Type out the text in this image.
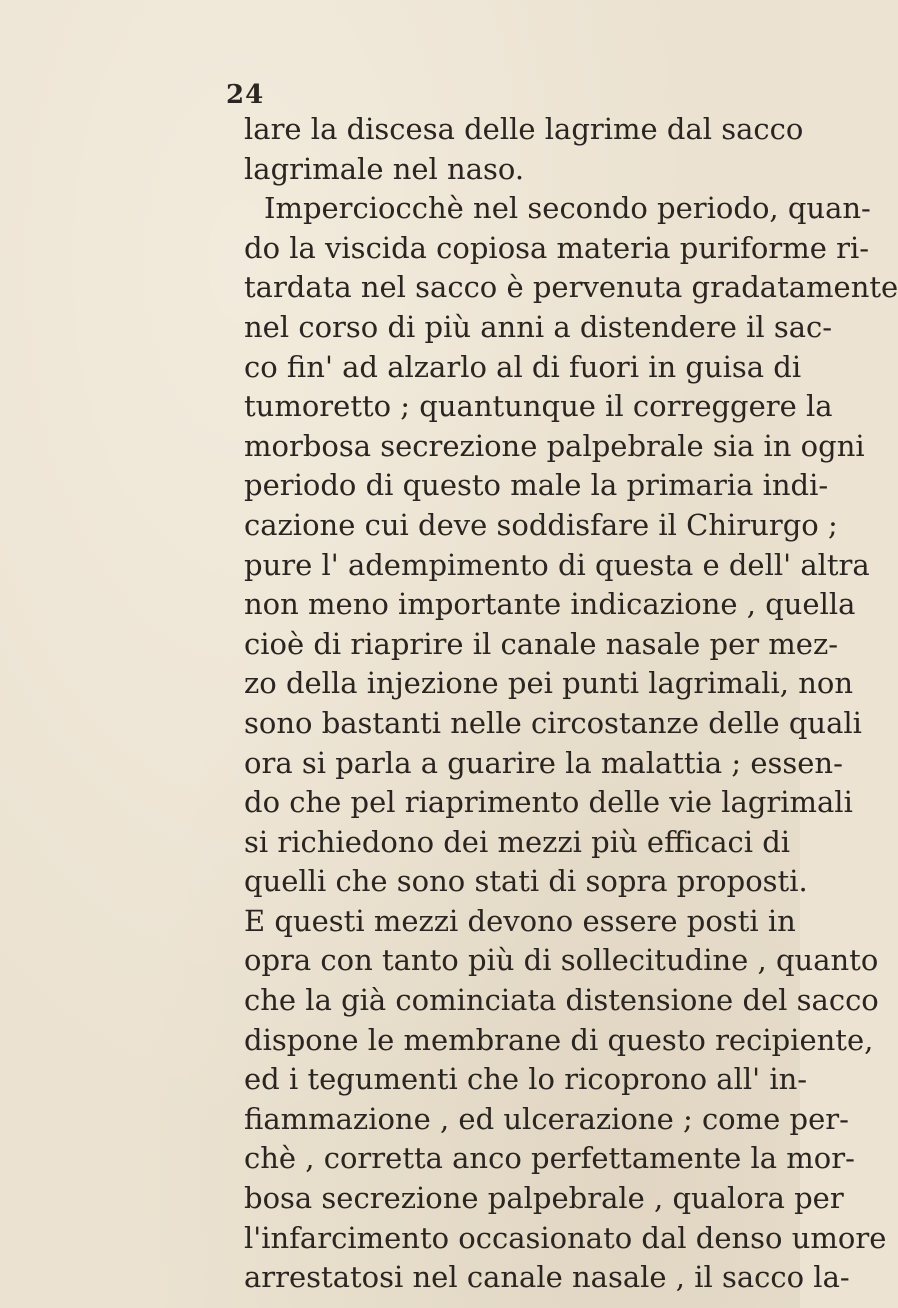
24
lare la discesa delle lagrime dal sacco
lagrimale nel naso.
Imperciocchè nel secondo periodo, quan-
do la viscida copiosa materia puriforme ri-
tardata nel sacco è pervenuta gradatamente
nel corso di più anni a distendere il sac-
co fin' ad alzarlo al di fuori in guisa di
tumoretto ; quantunque il correggere la
morbosa secrezione palpebrale sia in ogni
periodo di questo male la primaria indi-
cazione cui deve soddisfare il Chirurgo ;
pure l' adempimento di questa e dell' altra
non meno importante indicazione , quella
cioè di riaprire il canale nasale per mez-
zo della injezione pei punti lagrimali, non
sono bastanti nelle circostanze delle quali
ora si parla a guarire la malattia ; essen-
do che pel riaprimento delle vie lagrimali
si richiedono dei mezzi più efficaci di
quelli che sono stati di sopra proposti.
E questi mezzi devono essere posti in
opra con tanto più di sollecitudine , quanto
che la già cominciata distensione del sacco
dispone le membrane di questo recipiente,
ed i tegumenti che lo ricoprono all' in-
fiammazione , ed ulcerazione ; come per-
chè , corretta anco perfettamente la mor-
bosa secrezione palpebrale , qualora per
l'infarcimento occasionato dal denso umore
arrestatosi nel canale nasale , il sacco la-
